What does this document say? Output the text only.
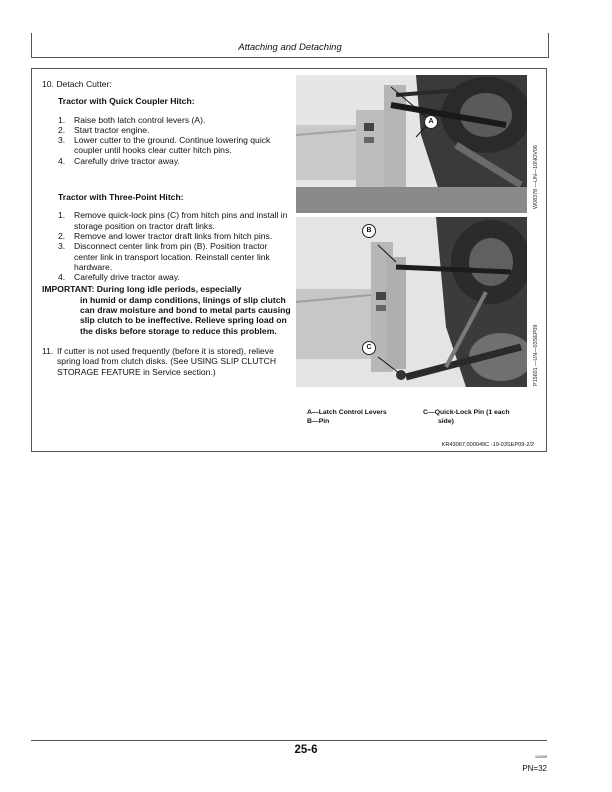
Attaching and Detaching
10. Detach Cutter:
Tractor with Quick Coupler Hitch:
1. Raise both latch control levers (A).
2. Start tractor engine.
3. Lower cutter to the ground. Continue lowering quick coupler until hooks clear cutter hitch pins.
4. Carefully drive tractor away.
Tractor with Three-Point Hitch:
1. Remove quick-lock pins (C) from hitch pins and install in storage position on tractor draft links.
2. Remove and lower tractor draft links from hitch pins.
3. Disconnect center link from pin (B). Position tractor center link in transport location. Reinstall center link hardware.
4. Carefully drive tractor away.
IMPORTANT: During long idle periods, especially
in humid or damp conditions, linings of slip clutch can draw moisture and bond to metal parts causing slip clutch to be ineffective. Relieve spring load on the disks before storage to reduce this problem.
11. If cutter is not used frequently (before it is stored), relieve spring load from clutch disks. (See USING SLIP CLUTCH STORAGE FEATURE in Service section.)
A
W08378 —UN—10NOV06
B
C	P15601 —UN—03SEP09
A—Latch Control Levers
B—Pin
C—Quick-Lock Pin (1 each
side)
KR43067,000049C -19-03SEP09-2/2
25-6
102009
PN=32
